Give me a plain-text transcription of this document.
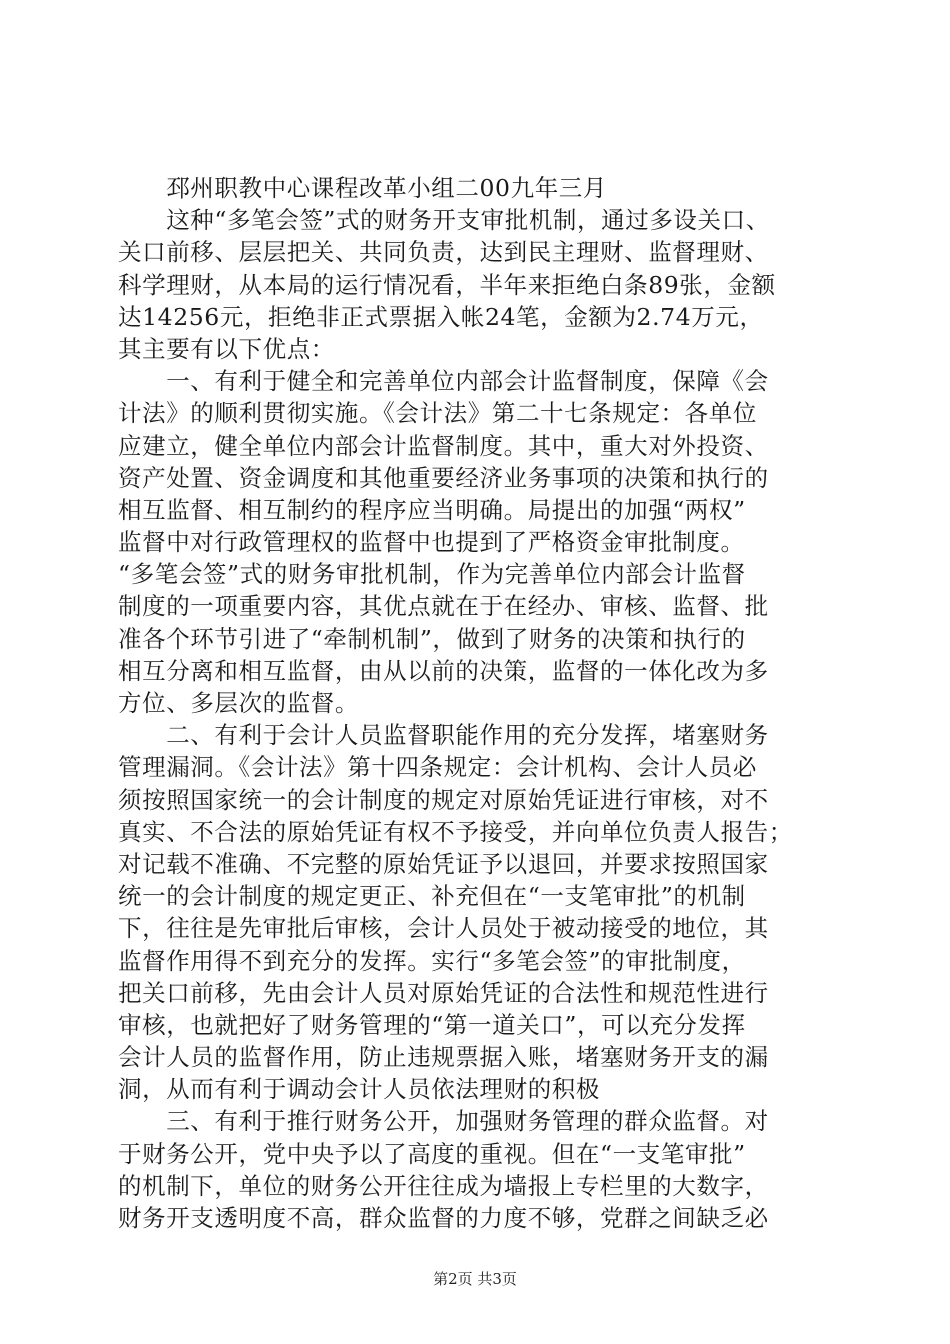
　　邳州职教中心课程改革小组二00九年三月
　　这种“多笔会签”式的财务开支审批机制，通过多设关口、
关口前移、层层把关、共同负责，达到民主理财、监督理财、
科学理财，从本局的运行情况看，半年来拒绝白条89张，金额
达14256元，拒绝非正式票据入帐24笔，金额为2.74万元，
其主要有以下优点：
　　一、有利于健全和完善单位内部会计监督制度，保障《会
计法》的顺利贯彻实施。《会计法》第二十七条规定：各单位
应建立，健全单位内部会计监督制度。其中，重大对外投资、
资产处置、资金调度和其他重要经济业务事项的决策和执行的
相互监督、相互制约的程序应当明确。局提出的加强“两权”
监督中对行政管理权的监督中也提到了严格资金审批制度。
“多笔会签”式的财务审批机制，作为完善单位内部会计监督
制度的一项重要内容，其优点就在于在经办、审核、监督、批
准各个环节引进了“牵制机制”，做到了财务的决策和执行的
相互分离和相互监督，由从以前的决策，监督的一体化改为多
方位、多层次的监督。
　　二、有利于会计人员监督职能作用的充分发挥，堵塞财务
管理漏洞。《会计法》第十四条规定：会计机构、会计人员必
须按照国家统一的会计制度的规定对原始凭证进行审核，对不
真实、不合法的原始凭证有权不予接受，并向单位负责人报告；
对记载不准确、不完整的原始凭证予以退回，并要求按照国家
统一的会计制度的规定更正、补充但在“一支笔审批”的机制
下，往往是先审批后审核，会计人员处于被动接受的地位，其
监督作用得不到充分的发挥。实行“多笔会签”的审批制度，
把关口前移，先由会计人员对原始凭证的合法性和规范性进行
审核，也就把好了财务管理的“第一道关口”，可以充分发挥
会计人员的监督作用，防止违规票据入账，堵塞财务开支的漏
洞，从而有利于调动会计人员依法理财的积极
　　三、有利于推行财务公开，加强财务管理的群众监督。对
于财务公开，党中央予以了高度的重视。但在“一支笔审批”
的机制下，单位的财务公开往往成为墙报上专栏里的大数字，
财务开支透明度不高，群众监督的力度不够，党群之间缺乏必
第2页 共3页
